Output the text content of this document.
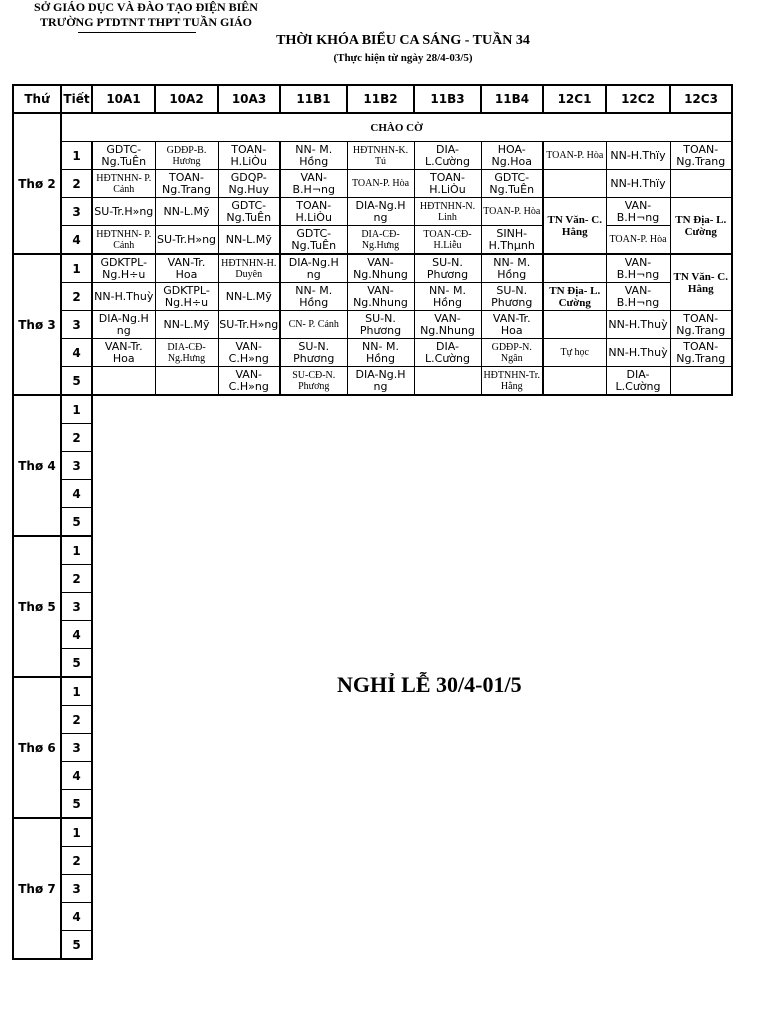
SỞ GIÁO DỤC VÀ ĐÀO TẠO ĐIỆN BIÊN
TRƯỜNG PTDTNT THPT TUẦN GIÁO
THỜI KHÓA BIỂU CA SÁNG - TUẦN 34
(Thực hiện từ ngày 28/4-03/5)
Thứ	Tiết	10A1	10A2	10A3	11B1	11B2	11B3	11B4	12C1	12C2	12C3
Thø 2	CHÀO CỜ										
	1	GDTC-Ng.TuÊn	GDĐP-B. Hương	TOAN-H.LiÒu	NN- M. Hồng	HĐTNHN-K. Tú	DIA-L.Cường	HOA-Ng.Hoa	TOAN-P. Hòa	NN-H.Thïy	TOAN-Ng.Trang
	2	HĐTNHN- P. Cảnh	TOAN-Ng.Trang	GDQP-Ng.Huy	VAN-B.H¬ng	TOAN-P. Hòa	TOAN-H.LiÒu	GDTC-Ng.TuÊn		NN-H.Thïy	
	3	SU-Tr.H»ng	NN-L.Mỹ	GDTC-Ng.TuÊn	TOAN-H.LiÒu	DIA-Ng.H ng	HĐTNHN-N. Linh	TOAN-P. Hòa	TN Văn- C. Hằng	VAN-B.H¬ng	TN Địa- L. Cường
	4	HĐTNHN- P. Cảnh	SU-Tr.H»ng	NN-L.Mỹ	GDTC-Ng.TuÊn	DIA-CĐ-Ng.Hưng	TOAN-CĐ-H.Liễu	SINH-H.Thµnh		TOAN-P. Hòa	
Thø 3	1	GDKTPL-Ng.H÷u	VAN-Tr. Hoa	HĐTNHN-H. Duyên	DIA-Ng.H ng	VAN-Ng.Nhung	SU-N. Phương	NN- M. Hồng		VAN-B.H¬ng	TN Văn- C. Hằng
	2	NN-H.Thuỳ	GDKTPL-Ng.H÷u	NN-L.Mỹ	NN- M. Hồng	VAN-Ng.Nhung	NN- M. Hồng	SU-N. Phương	TN Địa- L. Cường	VAN-B.H¬ng	
	3	DIA-Ng.H ng	NN-L.Mỹ	SU-Tr.H»ng	CN- P. Cảnh	SU-N. Phương	VAN-Ng.Nhung	VAN-Tr. Hoa		NN-H.Thuỳ	TOAN-Ng.Trang
	4	VAN-Tr. Hoa	DIA-CĐ-Ng.Hưng	VAN-C.H»ng	SU-N. Phương	NN- M. Hồng	DIA-L.Cường	GDĐP-N. Ngân	Tự học	NN-H.Thuỳ	TOAN-Ng.Trang
	5			VAN-C.H»ng	SU-CĐ-N. Phương	DIA-Ng.H ng		HĐTNHN-Tr. Hằng		DIA-L.Cường	
Thø 4	1	NGHỈ LỄ 30/4-01/5									
	2										
	3										
	4										
	5										
Thø 5	1										
	2										
	3										
	4										
	5										
Thø 6	1										
	2										
	3										
	4										
	5										
Thø 7	1										
	2										
	3										
	4										
	5										
